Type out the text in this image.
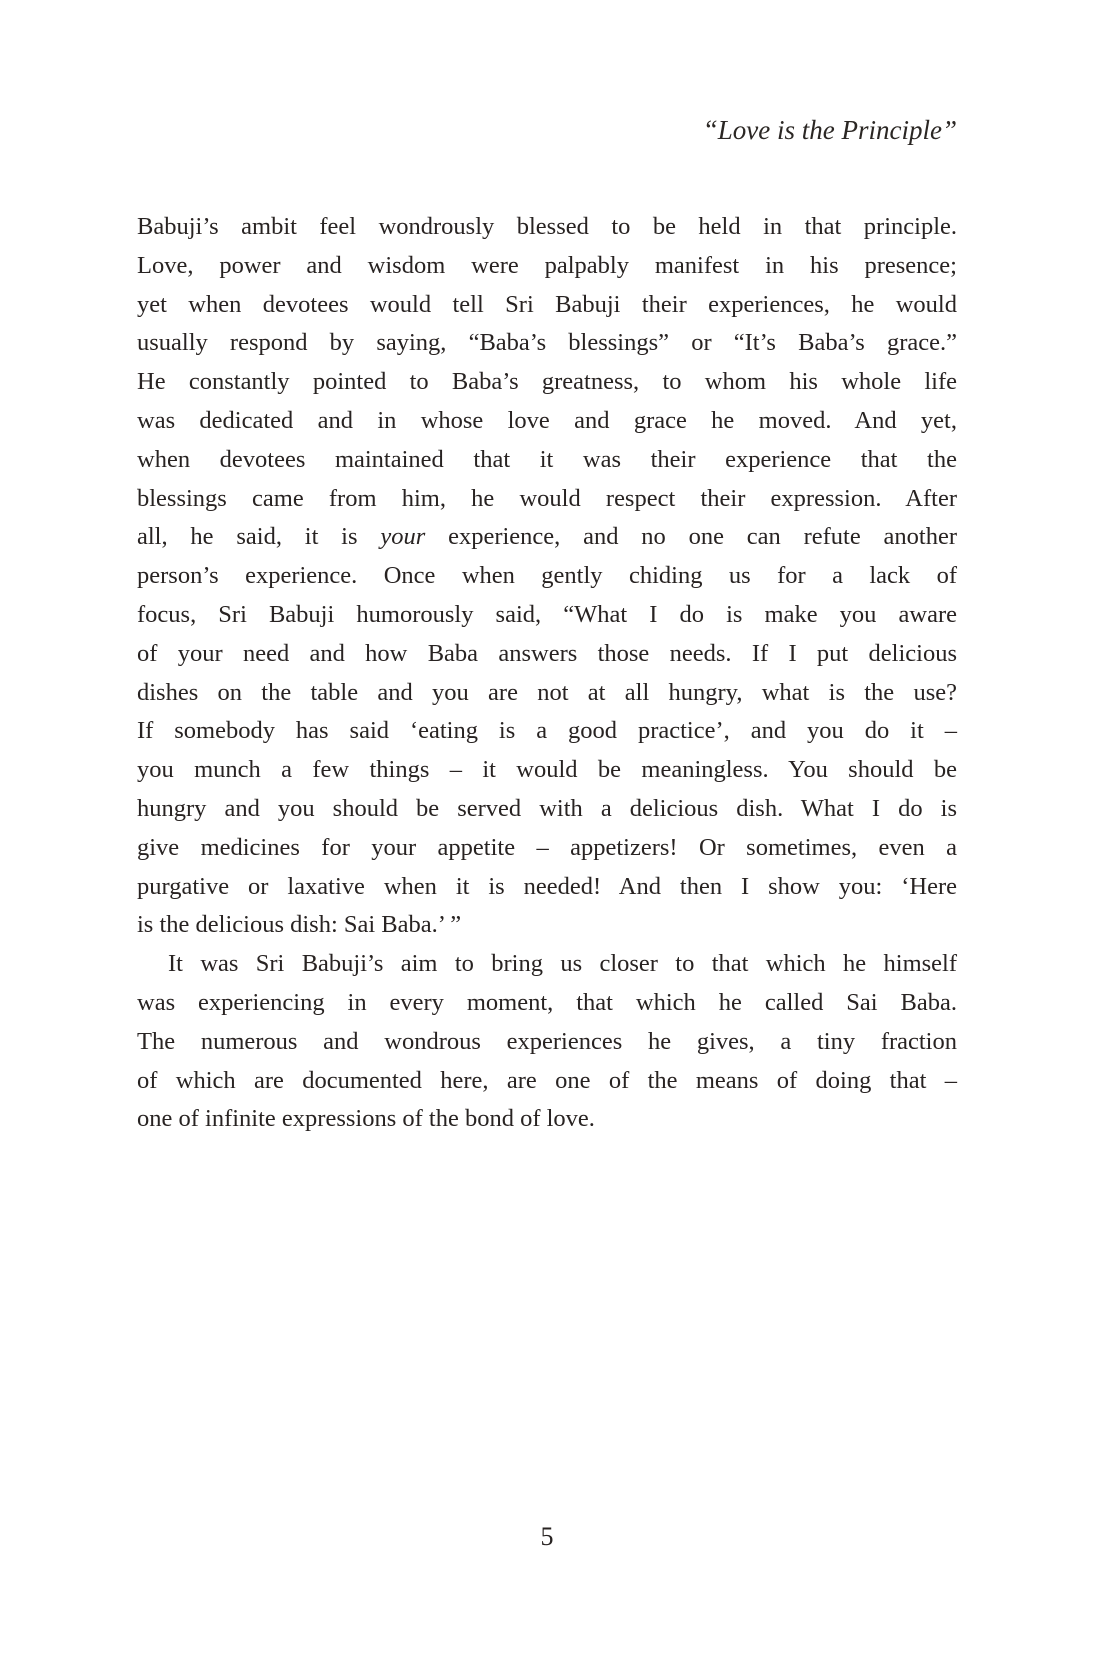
“Love is the Principle”
Babuji’s ambit feel wondrously blessed to be held in that principle.
Love, power and wisdom were palpably manifest in his presence;
yet when devotees would tell Sri Babuji their experiences, he would
usually respond by saying, “Baba’s blessings” or “It’s Baba’s grace.”
He constantly pointed to Baba’s greatness, to whom his whole life
was dedicated and in whose love and grace he moved. And yet,
when devotees maintained that it was their experience that the
blessings came from him, he would respect their expression. After
all, he said, it is your experience, and no one can refute another
person’s experience. Once when gently chiding us for a lack of
focus, Sri Babuji humorously said, “What I do is make you aware
of your need and how Baba answers those needs. If I put delicious
dishes on the table and you are not at all hungry, what is the use?
If somebody has said ‘eating is a good practice’, and you do it –
you munch a few things – it would be meaningless. You should be
hungry and you should be served with a delicious dish. What I do is
give medicines for your appetite – appetizers! Or sometimes, even a
purgative or laxative when it is needed! And then I show you: ‘Here
is the delicious dish: Sai Baba.’ ”
It was Sri Babuji’s aim to bring us closer to that which he himself
was experiencing in every moment, that which he called Sai Baba.
The numerous and wondrous experiences he gives, a tiny fraction
of which are documented here, are one of the means of doing that –
one of infinite expressions of the bond of love.
5
